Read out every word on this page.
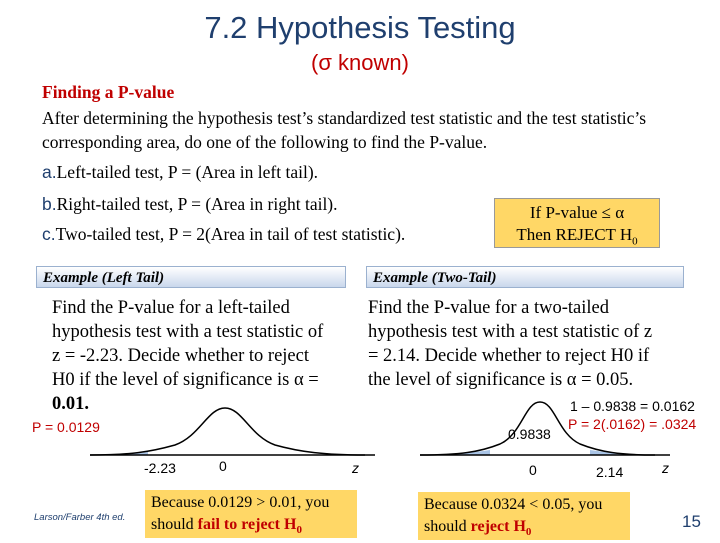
7.2 Hypothesis Testing
(σ known)
Finding a P-value
After determining the hypothesis test’s standardized test statistic and the test statistic’s corresponding area, do one of the following to find the P-value.
a.Left-tailed test, P = (Area in left tail).
b.Right-tailed test, P = (Area in right tail).
c.Two-tailed test, P = 2(Area in tail of test statistic).
If P-value ≤ α
Then REJECT $H_0$
Example (Left Tail)
Find the P-value for a left-tailed
hypothesis test with a test statistic of
z = -2.23. Decide whether to reject
H0 if the level of significance is α =
0.01.
Example (Two-Tail)
Find the P-value for a two-tailed
hypothesis test with a test statistic of z
= 2.14. Decide whether to reject H0 if
the level of significance is α = 0.05.
P = 0.0129
-2.23	0	z
Because 0.0129 > 0.01, you
should fail to reject $H_0$
1 – 0.9838 = 0.0162
P = 2(.0162) = .0324
0.9838
0	2.14	z
Because 0.0324 < 0.05, you
should reject $H_0$
Larson/Farber 4th ed.	15
